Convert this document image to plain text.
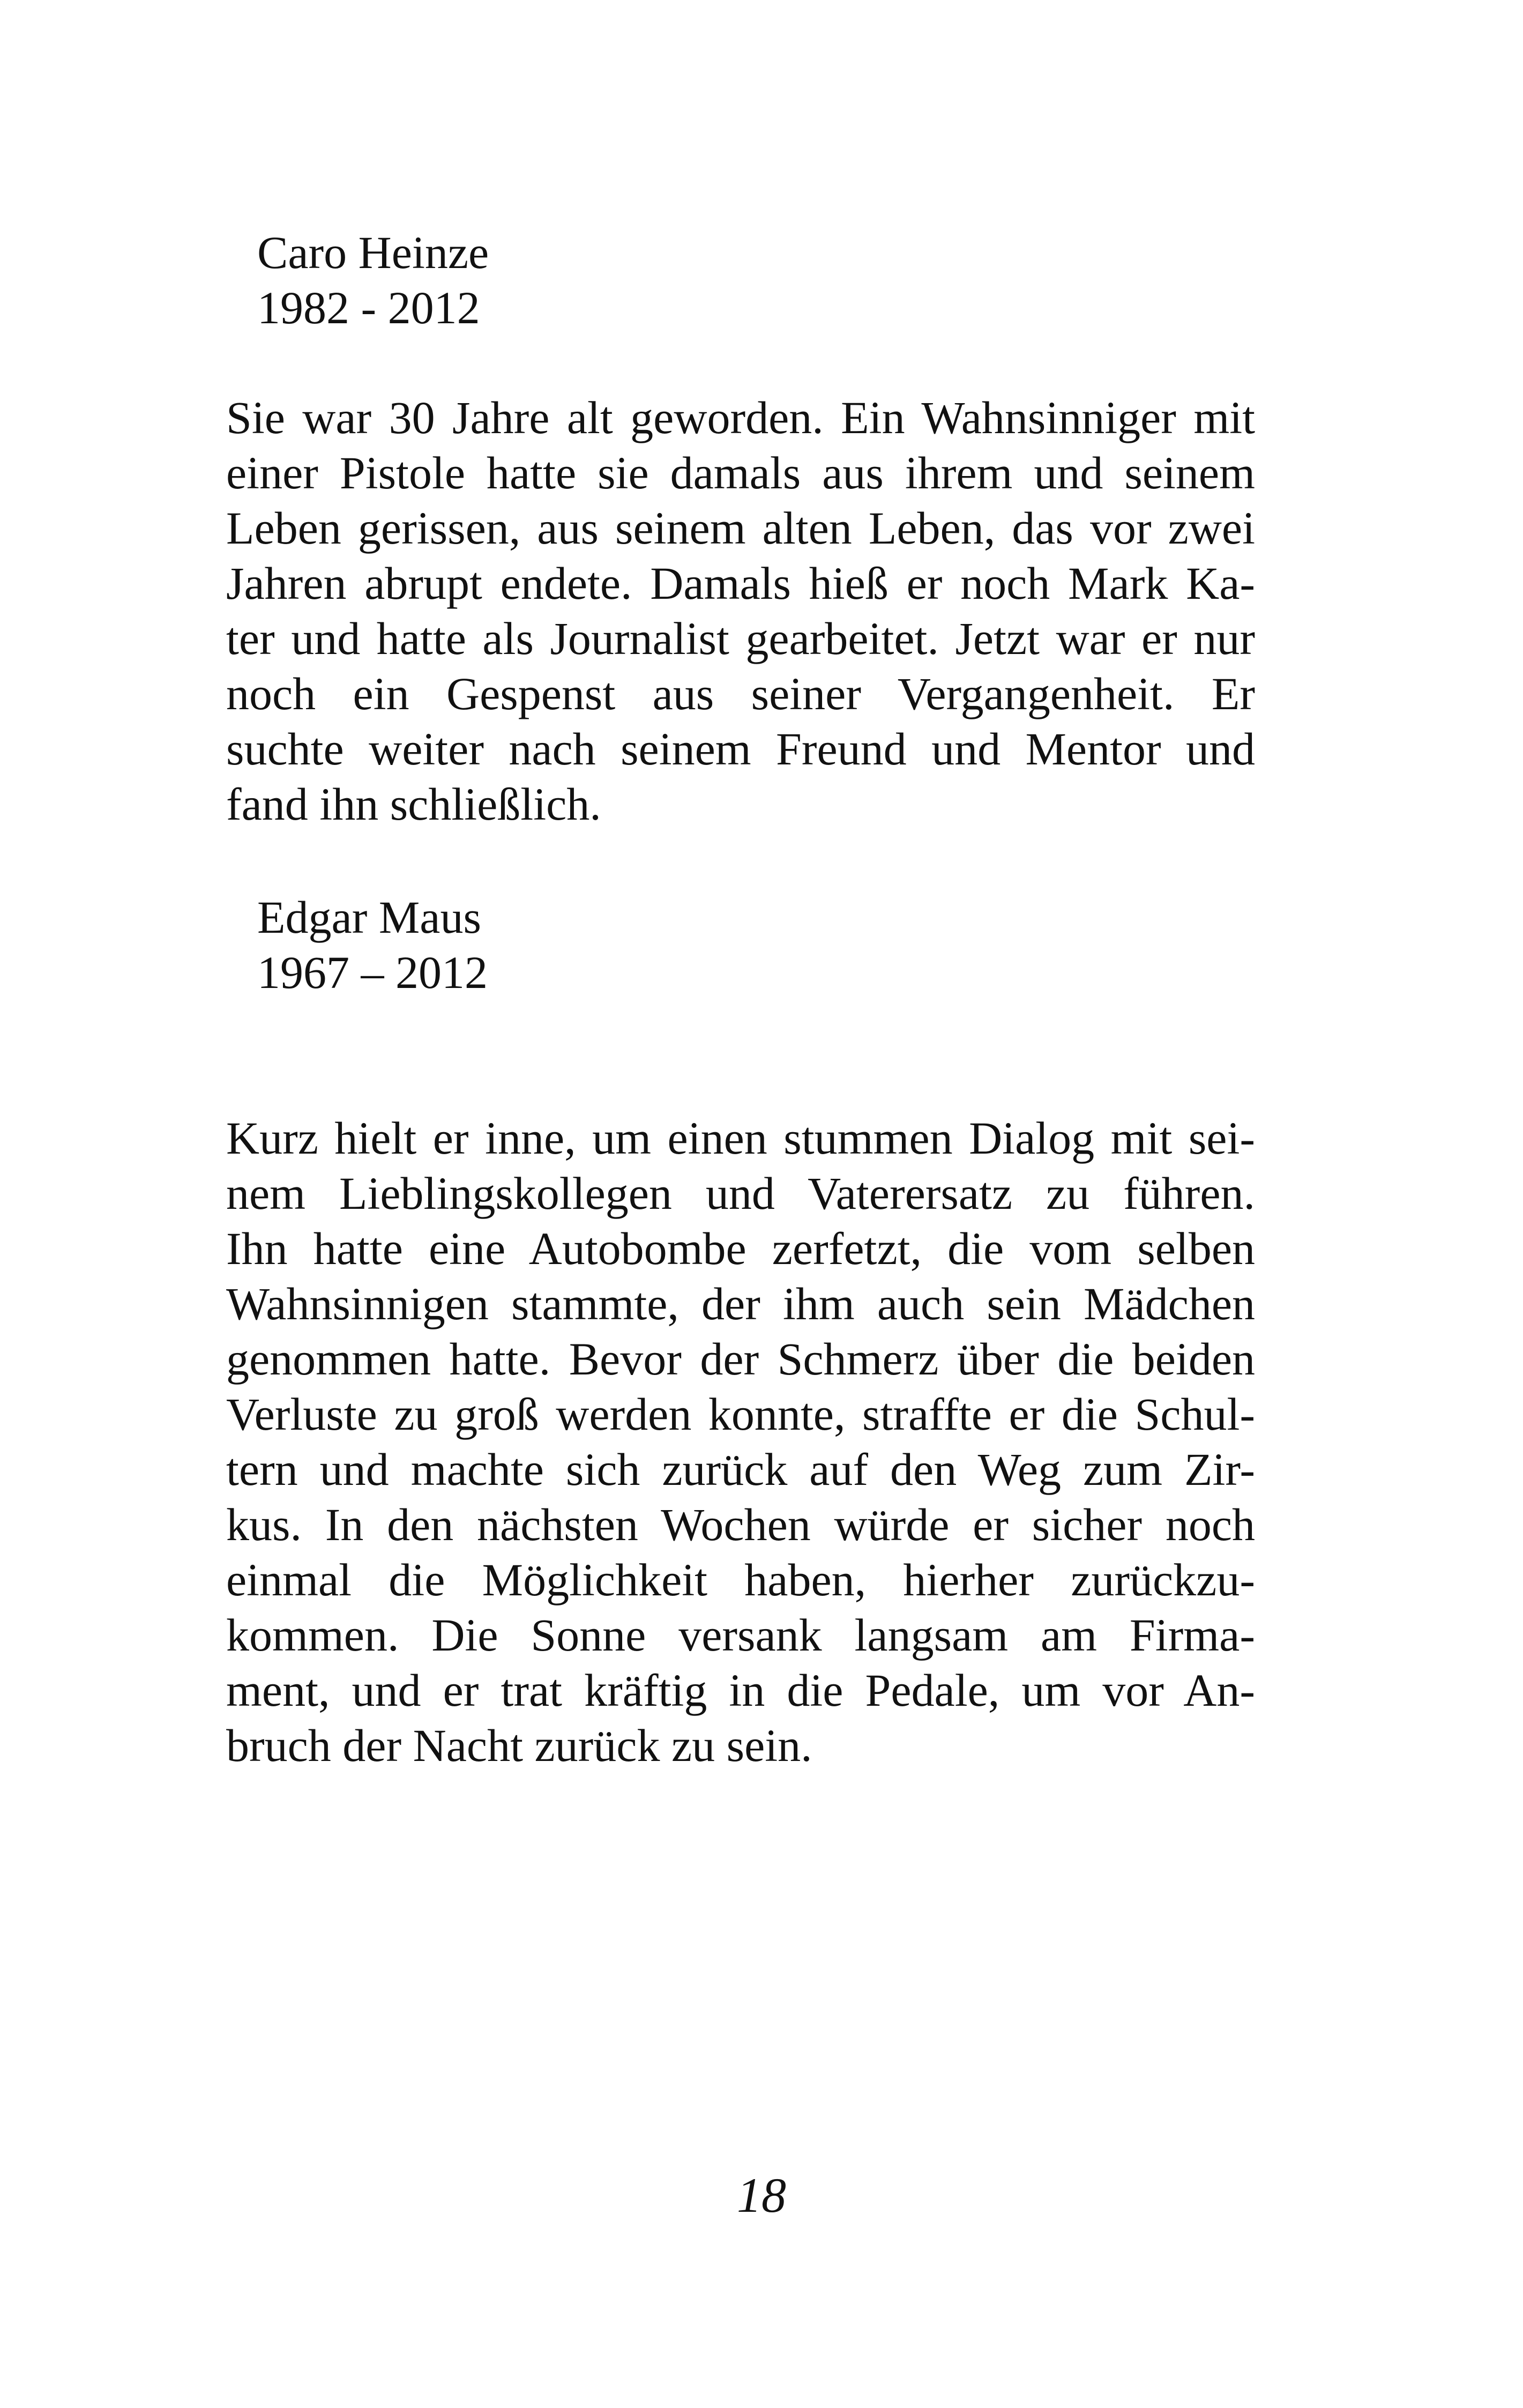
Caro Heinze
1982 - 2012
Sie war 30 Jahre alt geworden. Ein Wahnsinniger mit
einer Pistole hatte sie damals aus ihrem und seinem
Leben gerissen, aus seinem alten Leben, das vor zwei
Jahren abrupt endete. Damals hieß er noch Mark Ka-
ter und hatte als Journalist gearbeitet. Jetzt war er nur
noch ein Gespenst aus seiner Vergangenheit. Er
suchte weiter nach seinem Freund und Mentor und
fand ihn schließlich.
Edgar Maus
1967 – 2012
Kurz hielt er inne, um einen stummen Dialog mit sei-
nem Lieblingskollegen und Vaterersatz zu führen.
Ihn hatte eine Autobombe zerfetzt, die vom selben
Wahnsinnigen stammte, der ihm auch sein Mädchen
genommen hatte. Bevor der Schmerz über die beiden
Verluste zu groß werden konnte, straffte er die Schul-
tern und machte sich zurück auf den Weg zum Zir-
kus. In den nächsten Wochen würde er sicher noch
einmal die Möglichkeit haben, hierher zurückzu-
kommen. Die Sonne versank langsam am Firma-
ment, und er trat kräftig in die Pedale, um vor An-
bruch der Nacht zurück zu sein.
18
